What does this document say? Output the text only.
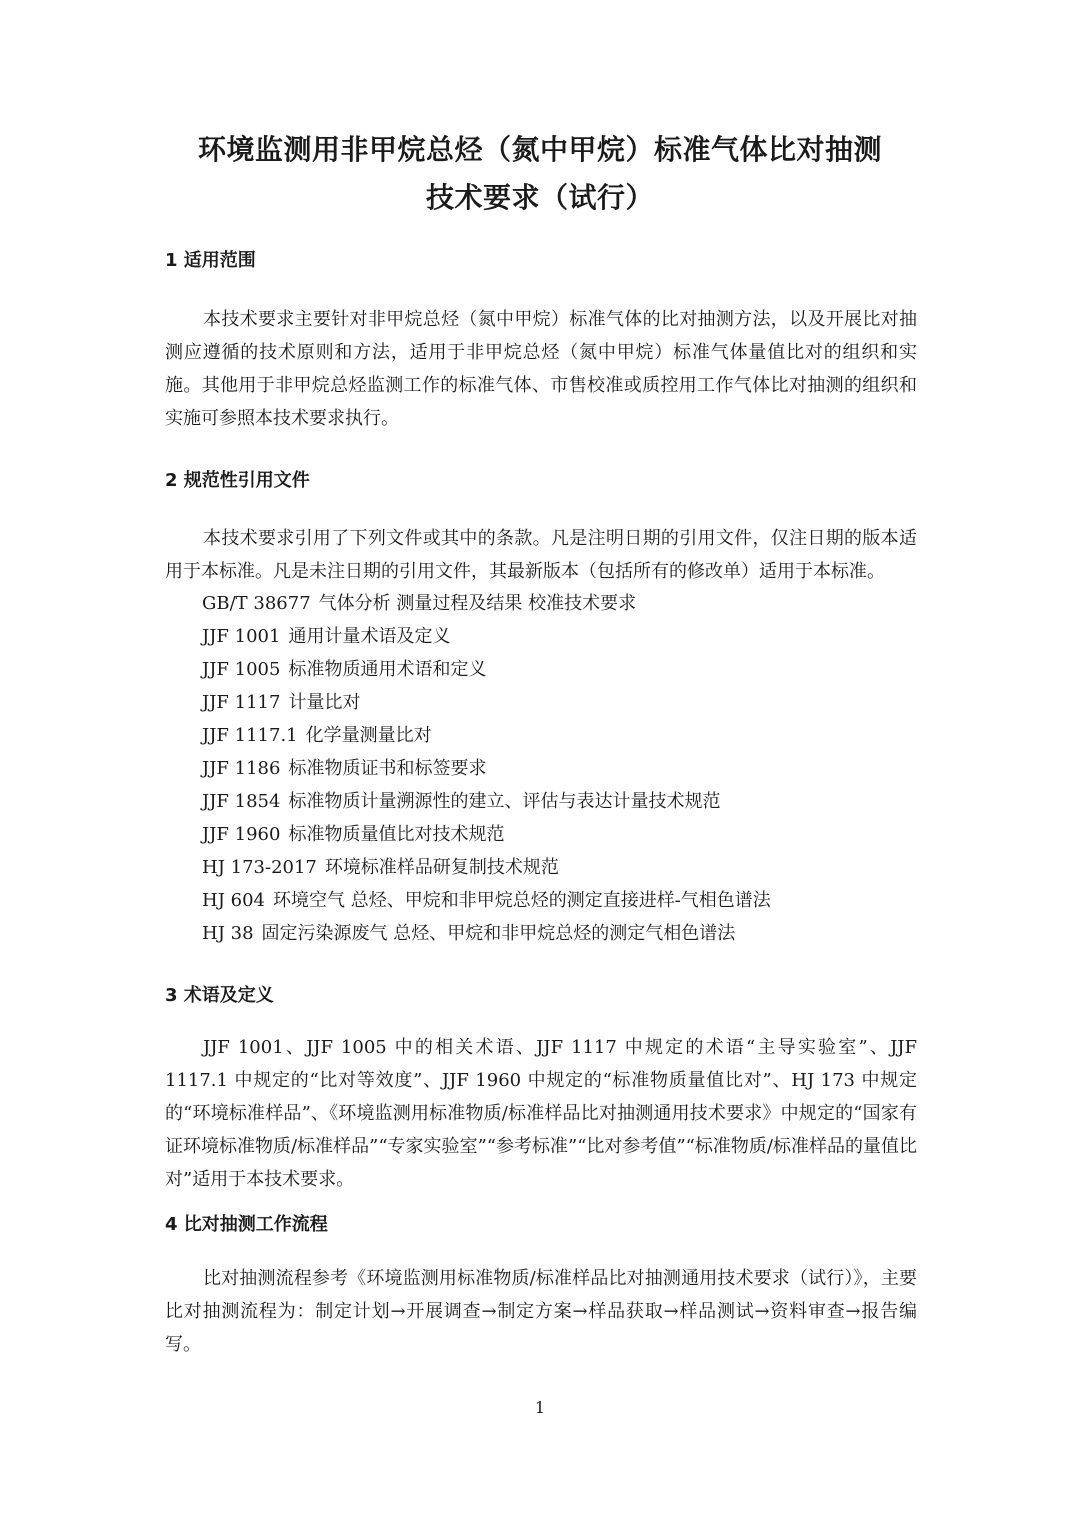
环境监测用非甲烷总烃（氮中甲烷）标准气体比对抽测
技术要求（试行）
1 适用范围

本技术要求主要针对非甲烷总烃（氮中甲烷）标准气体的比对抽测方法，以及开展比对抽测应遵循的技术原则和方法，适用于非甲烷总烃（氮中甲烷）标准气体量值比对的组织和实施。其他用于非甲烷总烃监测工作的标准气体、市售校准或质控用工作气体比对抽测的组织和实施可参照本技术要求执行。

2 规范性引用文件

本技术要求引用了下列文件或其中的条款。凡是注明日期的引用文件，仅注日期的版本适用于本标准。凡是未注日期的引用文件，其最新版本（包括所有的修改单）适用于本标准。

GB/T 38677 气体分析 测量过程及结果 校准技术要求
JJF 1001 通用计量术语及定义
JJF 1005 标准物质通用术语和定义
JJF 1117 计量比对
JJF 1117.1 化学量测量比对
JJF 1186 标准物质证书和标签要求
JJF 1854 标准物质计量溯源性的建立、评估与表达计量技术规范
JJF 1960 标准物质量值比对技术规范
HJ 173-2017 环境标准样品研复制技术规范
HJ 604 环境空气 总烃、甲烷和非甲烷总烃的测定直接进样-气相色谱法
HJ 38 固定污染源废气 总烃、甲烷和非甲烷总烃的测定气相色谱法
3 术语及定义

JJF 1001、JJF 1005 中的相关术语、JJF 1117 中规定的术语“主导实验室”、JJF 1117.1 中规定的“比对等效度”、JJF 1960 中规定的“标准物质量值比对”、HJ 173 中规定的“环境标准样品”、《环境监测用标准物质/标准样品比对抽测通用技术要求》中规定的“国家有证环境标准物质/标准样品”“专家实验室”“参考标准”“比对参考值”“标准物质/标准样品的量值比对”适用于本技术要求。

4 比对抽测工作流程

比对抽测流程参考《环境监测用标准物质/标准样品比对抽测通用技术要求（试行）》，主要比对抽测流程为：制定计划→开展调查→制定方案→样品获取→样品测试→资料审查→报告编写。

1
